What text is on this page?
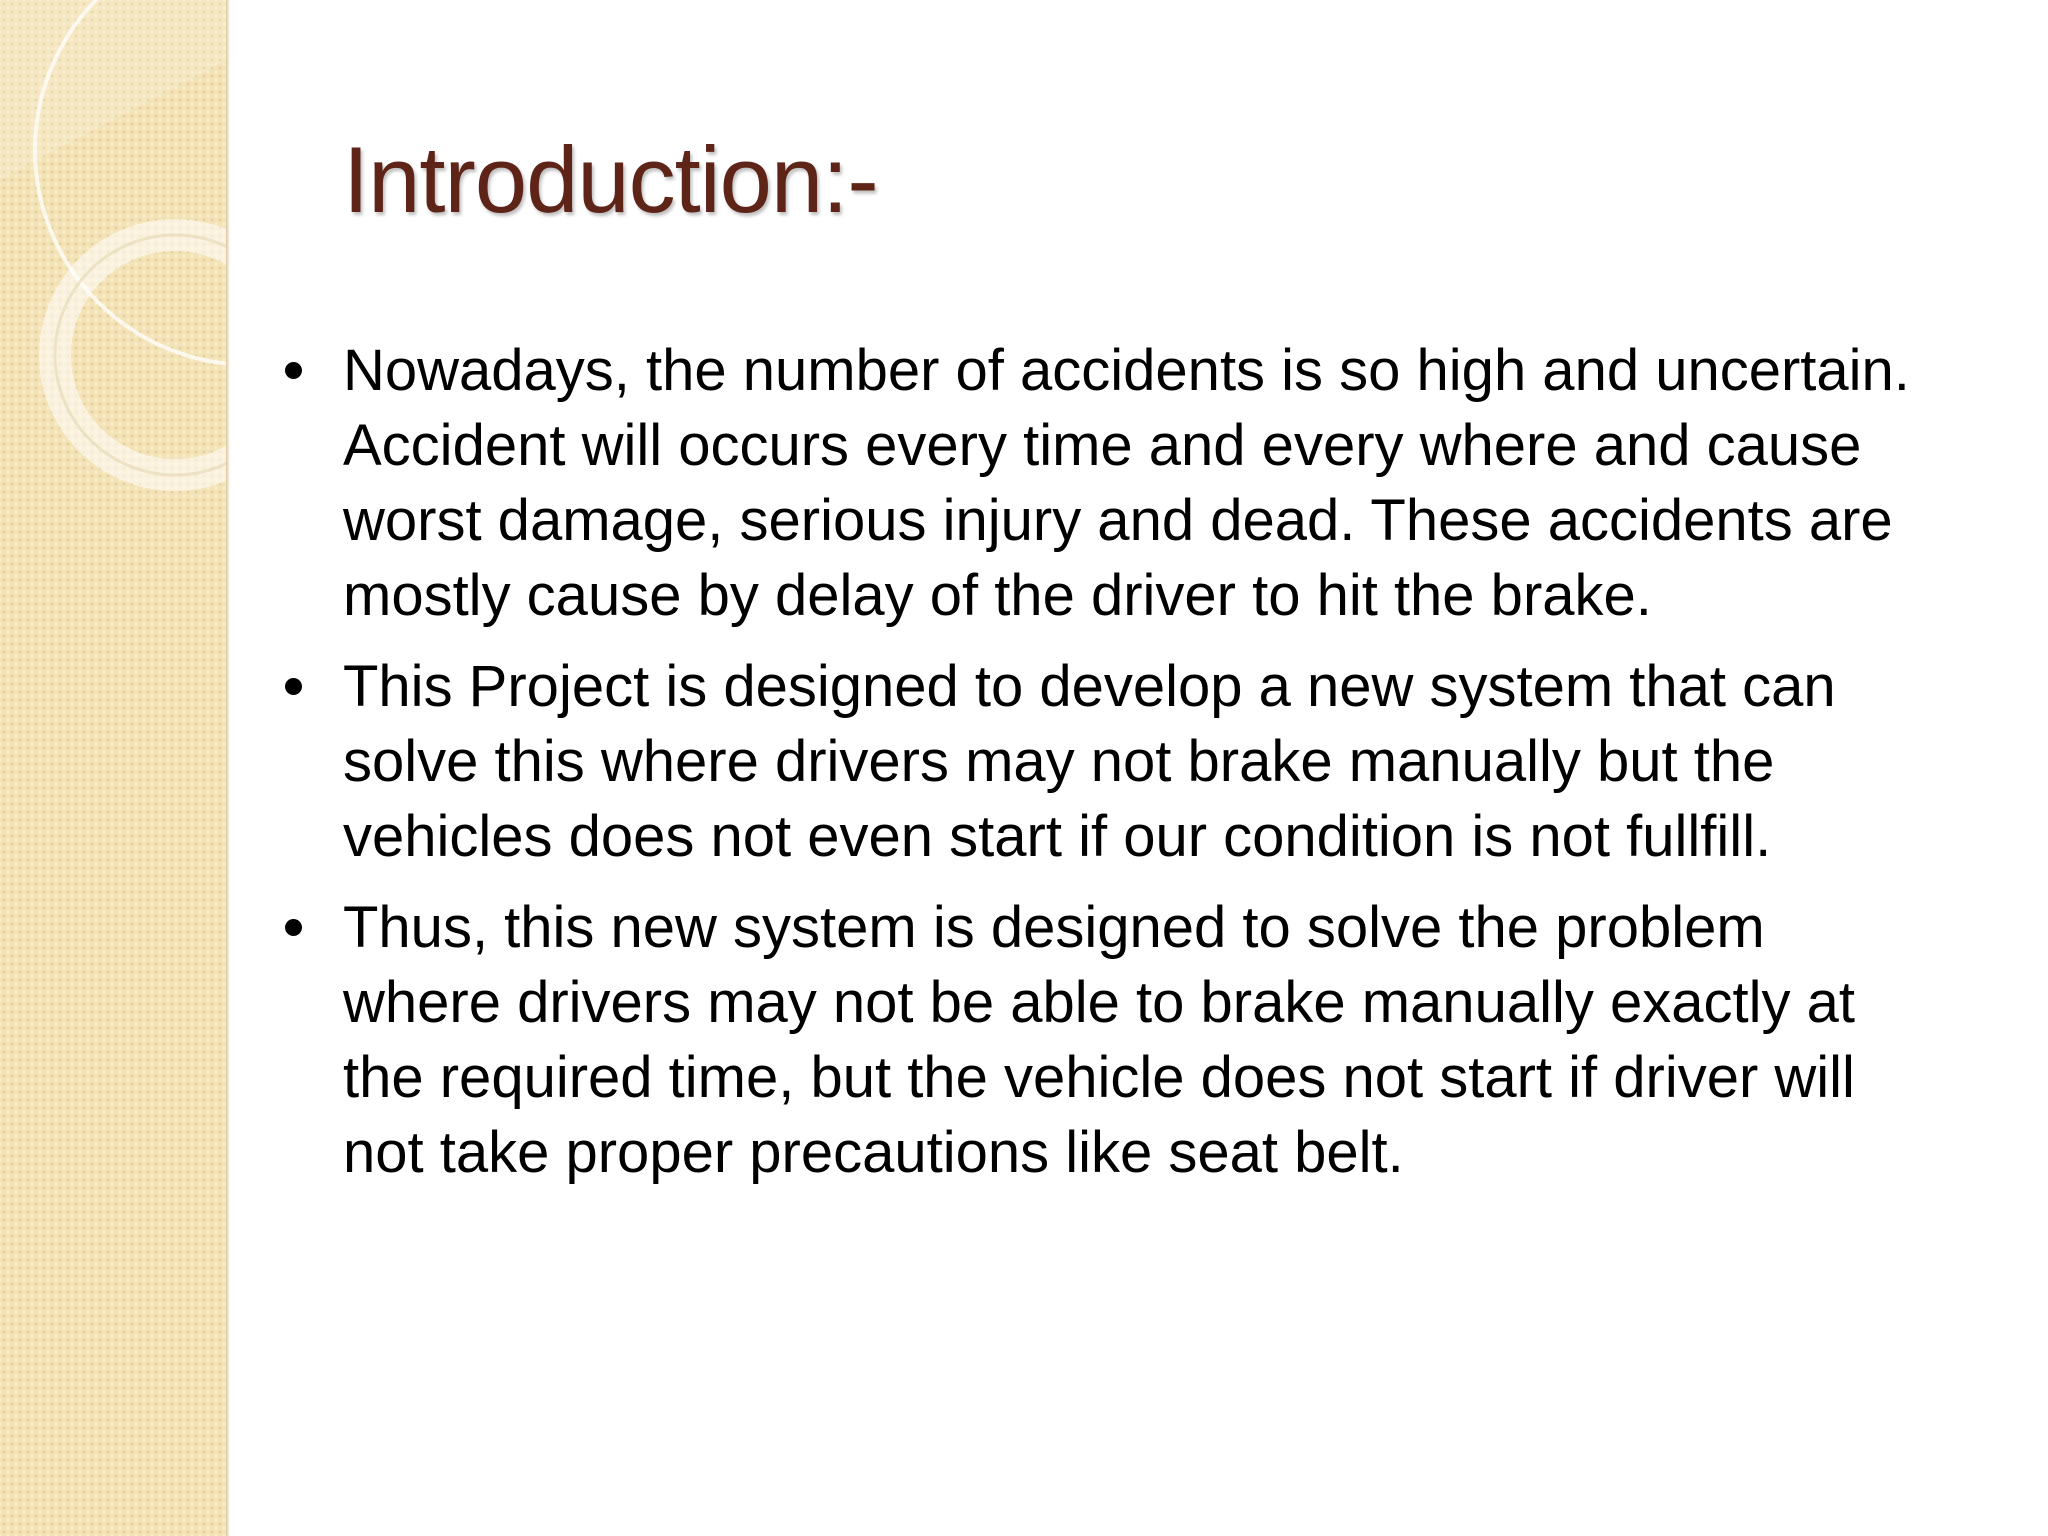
Introduction:-
Nowadays, the number of accidents is so high and uncertain. Accident will occurs every time and every where and cause worst damage, serious injury and dead. These accidents are mostly cause by delay of the driver to hit the brake.
This Project is designed to develop a new system that can solve this where drivers may not brake manually but the vehicles does not even start if our condition is not fullfill.
Thus, this new system is designed to solve the problem where drivers may not be able to brake manually exactly at the required time, but the vehicle does not start if driver will not take proper precautions like seat belt.
